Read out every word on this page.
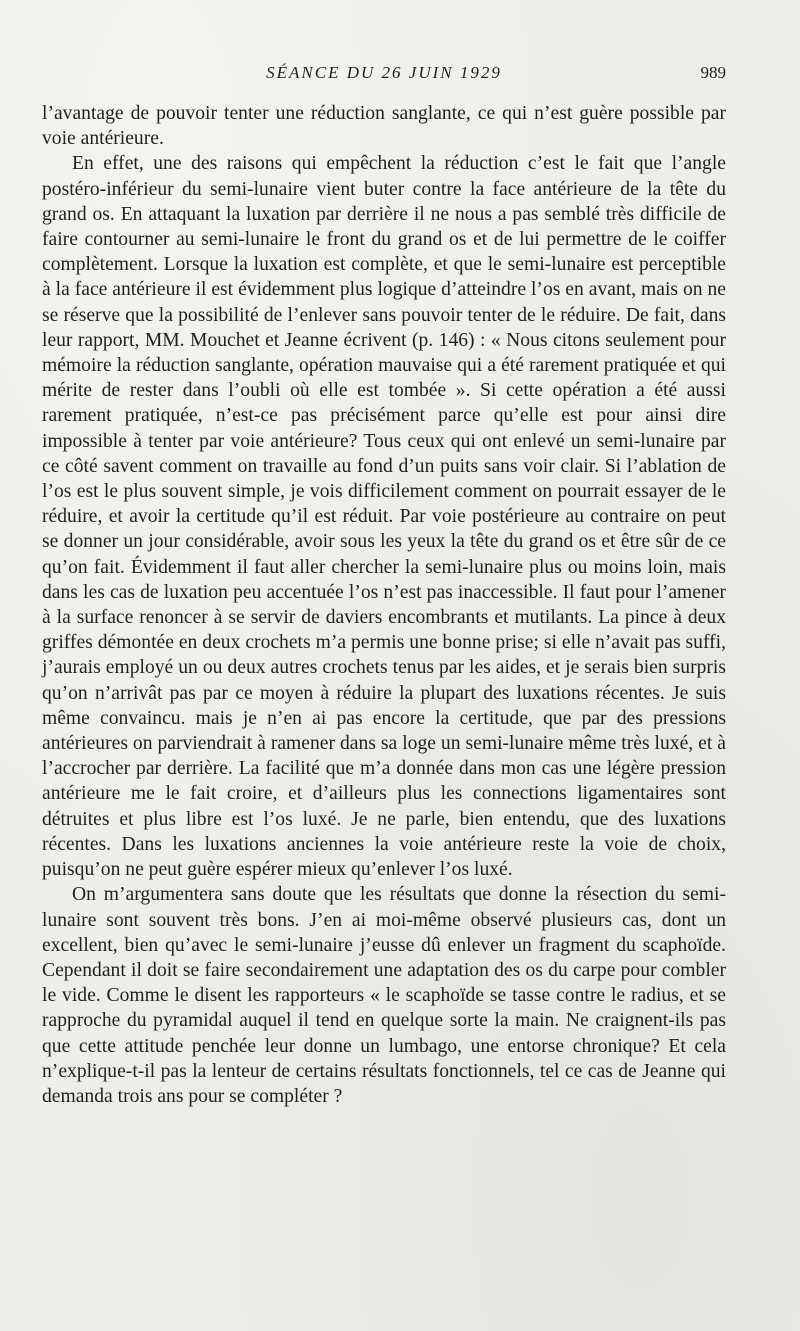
SÉANCE DU 26 JUIN 1929	989

l’avantage de pouvoir tenter une réduction sanglante, ce qui n’est guère possible par voie antérieure.

En effet, une des raisons qui empêchent la réduction c’est le fait que l’angle postéro-inférieur du semi-lunaire vient buter contre la face antérieure de la tête du grand os. En attaquant la luxation par derrière il ne nous a pas semblé très difficile de faire contourner au semi-lunaire le front du grand os et de lui permettre de le coiffer complètement. Lorsque la luxation est complète, et que le semi-lunaire est perceptible à la face antérieure il est évidemment plus logique d’atteindre l’os en avant, mais on ne se réserve que la possibilité de l’enlever sans pouvoir tenter de le réduire. De fait, dans leur rapport, MM. Mouchet et Jeanne écrivent (p. 146) : « Nous citons seulement pour mémoire la réduction sanglante, opération mauvaise qui a été rarement pratiquée et qui mérite de rester dans l’oubli où elle est tombée ». Si cette opération a été aussi rarement pratiquée, n’est-ce pas précisément parce qu’elle est pour ainsi dire impossible à tenter par voie antérieure? Tous ceux qui ont enlevé un semi-lunaire par ce côté savent comment on travaille au fond d’un puits sans voir clair. Si l’ablation de l’os est le plus souvent simple, je vois difficilement comment on pourrait essayer de le réduire, et avoir la certitude qu’il est réduit. Par voie postérieure au contraire on peut se donner un jour considérable, avoir sous les yeux la tête du grand os et être sûr de ce qu’on fait. Évidemment il faut aller chercher la semi-lunaire plus ou moins loin, mais dans les cas de luxation peu accentuée l’os n’est pas inaccessible. Il faut pour l’amener à la surface renoncer à se servir de daviers encombrants et mutilants. La pince à deux griffes démontée en deux crochets m’a permis une bonne prise; si elle n’avait pas suffi, j’aurais employé un ou deux autres crochets tenus par les aides, et je serais bien surpris qu’on n’arrivât pas par ce moyen à réduire la plupart des luxations récentes. Je suis même convaincu. mais je n’en ai pas encore la certitude, que par des pressions antérieures on parviendrait à ramener dans sa loge un semi-lunaire même très luxé, et à l’accrocher par derrière. La facilité que m’a donnée dans mon cas une légère pression antérieure me le fait croire, et d’ailleurs plus les connections ligamentaires sont détruites et plus libre est l’os luxé. Je ne parle, bien entendu, que des luxations récentes. Dans les luxations anciennes la voie antérieure reste la voie de choix, puisqu’on ne peut guère espérer mieux qu’enlever l’os luxé.

On m’argumentera sans doute que les résultats que donne la résection du semi-lunaire sont souvent très bons. J’en ai moi-même observé plusieurs cas, dont un excellent, bien qu’avec le semi-lunaire j’eusse dû enlever un fragment du scaphoïde. Cependant il doit se faire secondairement une adaptation des os du carpe pour combler le vide. Comme le disent les rapporteurs « le scaphoïde se tasse contre le radius, et se rapproche du pyramidal auquel il tend en quelque sorte la main. Ne craignent-ils pas que cette attitude penchée leur donne un lumbago, une entorse chronique? Et cela n’explique-t-il pas la lenteur de certains résultats fonctionnels, tel ce cas de Jeanne qui demanda trois ans pour se compléter ?
